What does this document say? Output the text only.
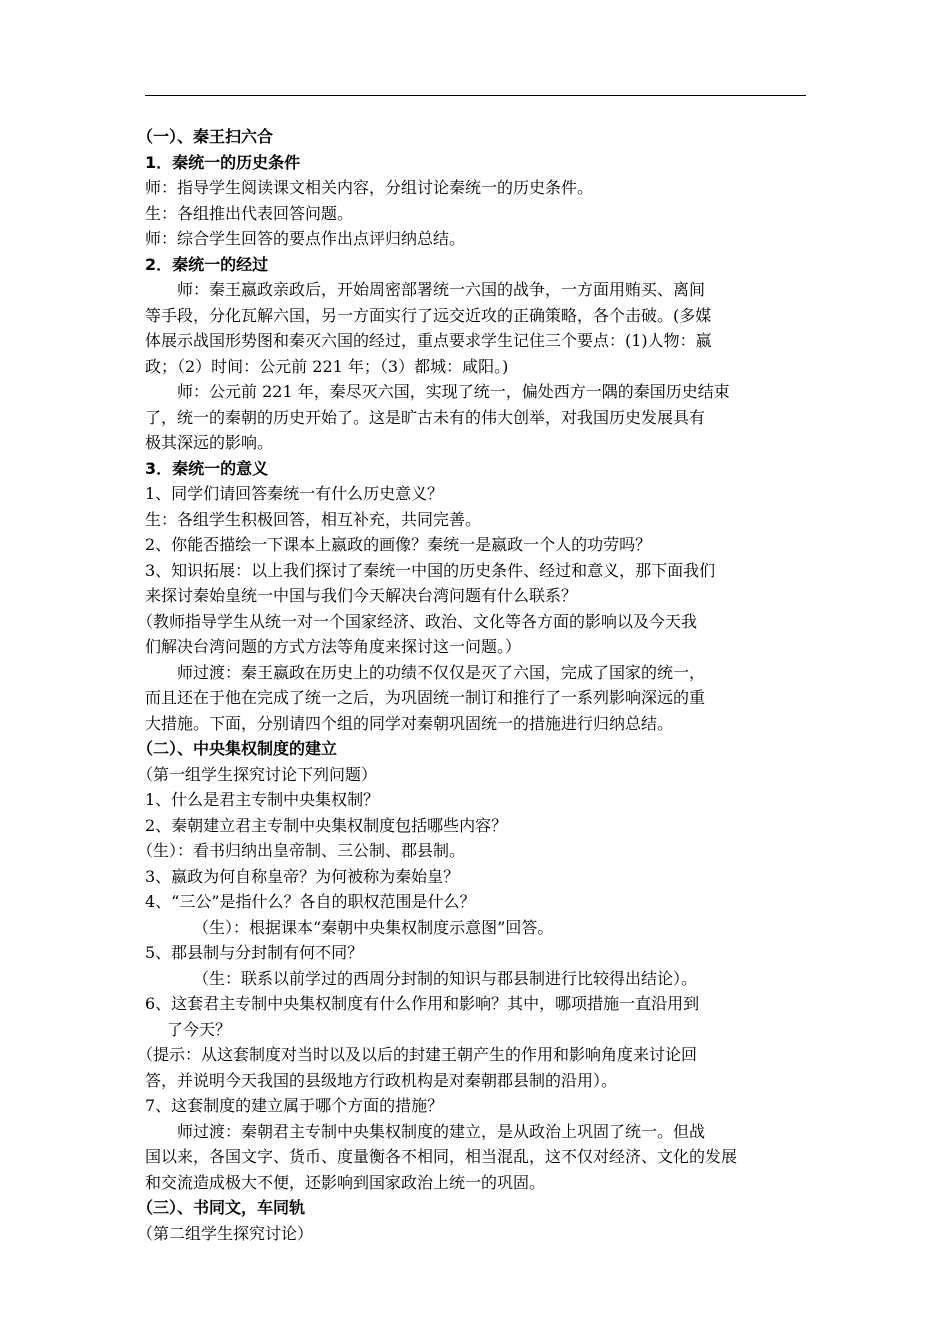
（一）、秦王扫六合
1．秦统一的历史条件
师：指导学生阅读课文相关内容，分组讨论秦统一的历史条件。
生：各组推出代表回答问题。
师：综合学生回答的要点作出点评归纳总结。
2．秦统一的经过
师：秦王嬴政亲政后，开始周密部署统一六国的战争，一方面用贿买、离间
等手段，分化瓦解六国，另一方面实行了远交近攻的正确策略，各个击破。(多媒
体展示战国形势图和秦灭六国的经过，重点要求学生记住三个要点：(1)人物：嬴
政；（2）时间：公元前 221 年；（3）都城：咸阳。)
师：公元前 221 年，秦尽灭六国，实现了统一，偏处西方一隅的秦国历史结束
了，统一的秦朝的历史开始了。这是旷古未有的伟大创举，对我国历史发展具有
极其深远的影响。
3．秦统一的意义
1、同学们请回答秦统一有什么历史意义？
生：各组学生积极回答，相互补充，共同完善。
2、你能否描绘一下课本上嬴政的画像？秦统一是嬴政一个人的功劳吗？
3、知识拓展：以上我们探讨了秦统一中国的历史条件、经过和意义，那下面我们
来探讨秦始皇统一中国与我们今天解决台湾问题有什么联系？
（教师指导学生从统一对一个国家经济、政治、文化等各方面的影响以及今天我
们解决台湾问题的方式方法等角度来探讨这一问题。）
师过渡：秦王嬴政在历史上的功绩不仅仅是灭了六国，完成了国家的统一，
而且还在于他在完成了统一之后，为巩固统一制订和推行了一系列影响深远的重
大措施。下面，分别请四个组的同学对秦朝巩固统一的措施进行归纳总结。
（二）、中央集权制度的建立
（第一组学生探究讨论下列问题）
1、什么是君主专制中央集权制？
2、秦朝建立君主专制中央集权制度包括哪些内容？
（生）：看书归纳出皇帝制、三公制、郡县制。
3、嬴政为何自称皇帝？为何被称为秦始皇？
4、“三公”是指什么？各自的职权范围是什么？
（生）：根据课本“秦朝中央集权制度示意图”回答。
5、郡县制与分封制有何不同？
（生：联系以前学过的西周分封制的知识与郡县制进行比较得出结论）。
6、这套君主专制中央集权制度有什么作用和影响？其中，哪项措施一直沿用到
了今天？
（提示：从这套制度对当时以及以后的封建王朝产生的作用和影响角度来讨论回
答，并说明今天我国的县级地方行政机构是对秦朝郡县制的沿用）。
7、这套制度的建立属于哪个方面的措施？
师过渡：秦朝君主专制中央集权制度的建立，是从政治上巩固了统一。但战
国以来，各国文字、货币、度量衡各不相同，相当混乱，这不仅对经济、文化的发展
和交流造成极大不便，还影响到国家政治上统一的巩固。
（三）、书同文，车同轨
（第二组学生探究讨论）
